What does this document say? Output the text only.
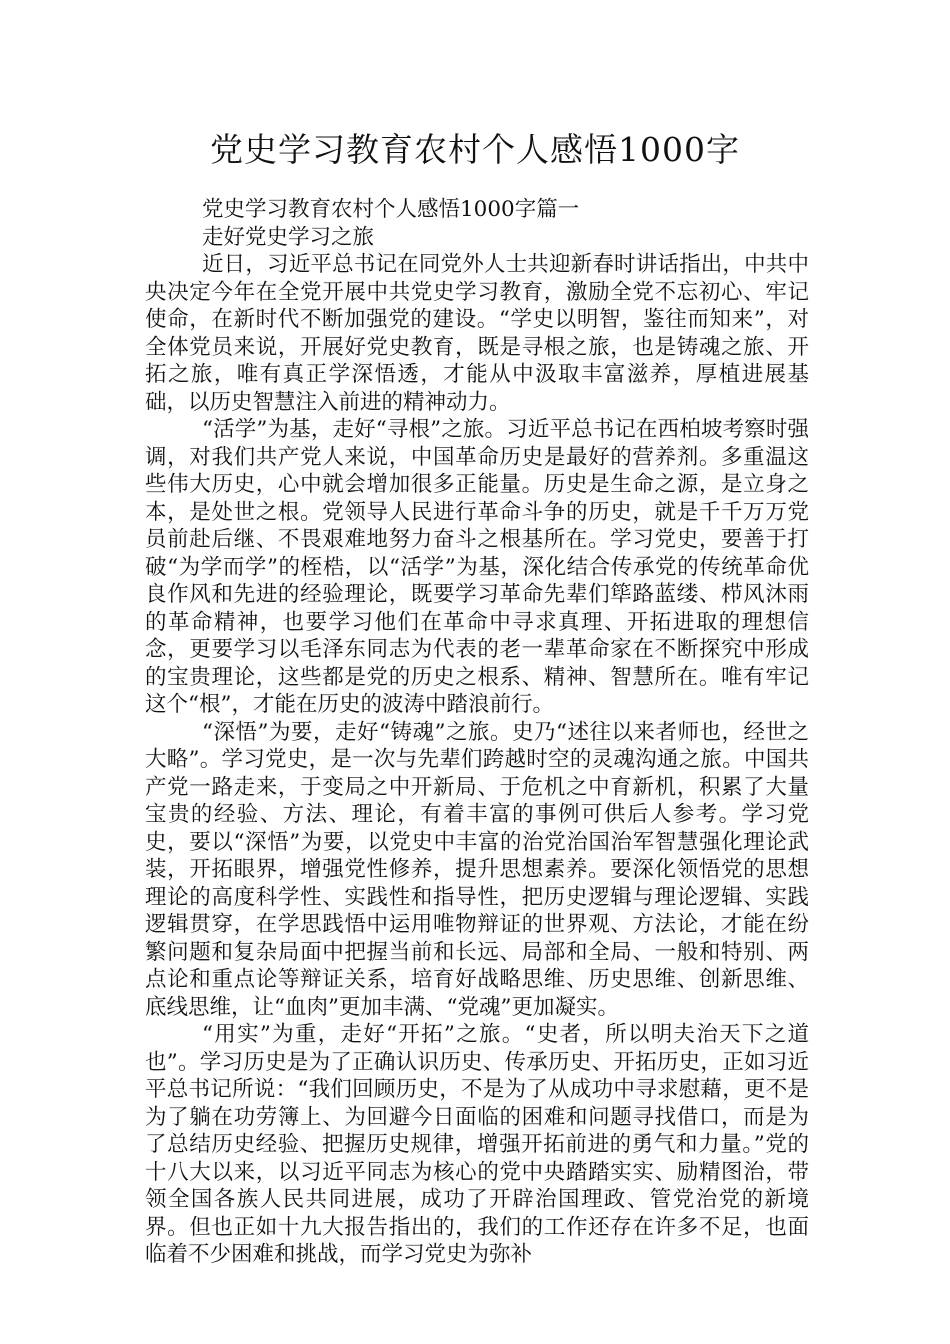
党史学习教育农村个人感悟1000字

党史学习教育农村个人感悟1000字篇一

走好党史学习之旅

近日，习近平总书记在同党外人士共迎新春时讲话指出，中共中央决定今年在全党开展中共党史学习教育，激励全党不忘初心、牢记使命，在新时代不断加强党的建设。“学史以明智，鉴往而知来”，对全体党员来说，开展好党史教育，既是寻根之旅，也是铸魂之旅、开拓之旅，唯有真正学深悟透，才能从中汲取丰富滋养，厚植进展基础，以历史智慧注入前进的精神动力。

“活学”为基，走好“寻根”之旅。习近平总书记在西柏坡考察时强调，对我们共产党人来说，中国革命历史是最好的营养剂。多重温这些伟大历史，心中就会增加很多正能量。历史是生命之源，是立身之本，是处世之根。党领导人民进行革命斗争的历史，就是千千万万党员前赴后继、不畏艰难地努力奋斗之根基所在。学习党史，要善于打破“为学而学”的桎梏，以“活学”为基，深化结合传承党的传统革命优良作风和先进的经验理论，既要学习革命先辈们筚路蓝缕、栉风沐雨的革命精神，也要学习他们在革命中寻求真理、开拓进取的理想信念，更要学习以毛泽东同志为代表的老一辈革命家在不断探究中形成的宝贵理论，这些都是党的历史之根系、精神、智慧所在。唯有牢记这个“根”，才能在历史的波涛中踏浪前行。

“深悟”为要，走好“铸魂”之旅。史乃“述往以来者师也，经世之大略”。学习党史，是一次与先辈们跨越时空的灵魂沟通之旅。中国共产党一路走来，于变局之中开新局、于危机之中育新机，积累了大量宝贵的经验、方法、理论，有着丰富的事例可供后人参考。学习党史，要以“深悟”为要，以党史中丰富的治党治国治军智慧强化理论武装，开拓眼界，增强党性修养，提升思想素养。要深化领悟党的思想理论的高度科学性、实践性和指导性，把历史逻辑与理论逻辑、实践逻辑贯穿，在学思践悟中运用唯物辩证的世界观、方法论，才能在纷繁问题和复杂局面中把握当前和长远、局部和全局、一般和特别、两点论和重点论等辩证关系，培育好战略思维、历史思维、创新思维、底线思维，让“血肉”更加丰满、“党魂”更加凝实。

“用实”为重，走好“开拓”之旅。“史者，所以明夫治天下之道也”。学习历史是为了正确认识历史、传承历史、开拓历史，正如习近平总书记所说：“我们回顾历史，不是为了从成功中寻求慰藉，更不是为了躺在功劳簿上、为回避今日面临的困难和问题寻找借口，而是为了总结历史经验、把握历史规律，增强开拓前进的勇气和力量。”党的十八大以来，以习近平同志为核心的党中央踏踏实实、励精图治，带领全国各族人民共同进展，成功了开辟治国理政、管党治党的新境界。但也正如十九大报告指出的，我们的工作还存在许多不足，也面临着不少困难和挑战，而学习党史为弥补
